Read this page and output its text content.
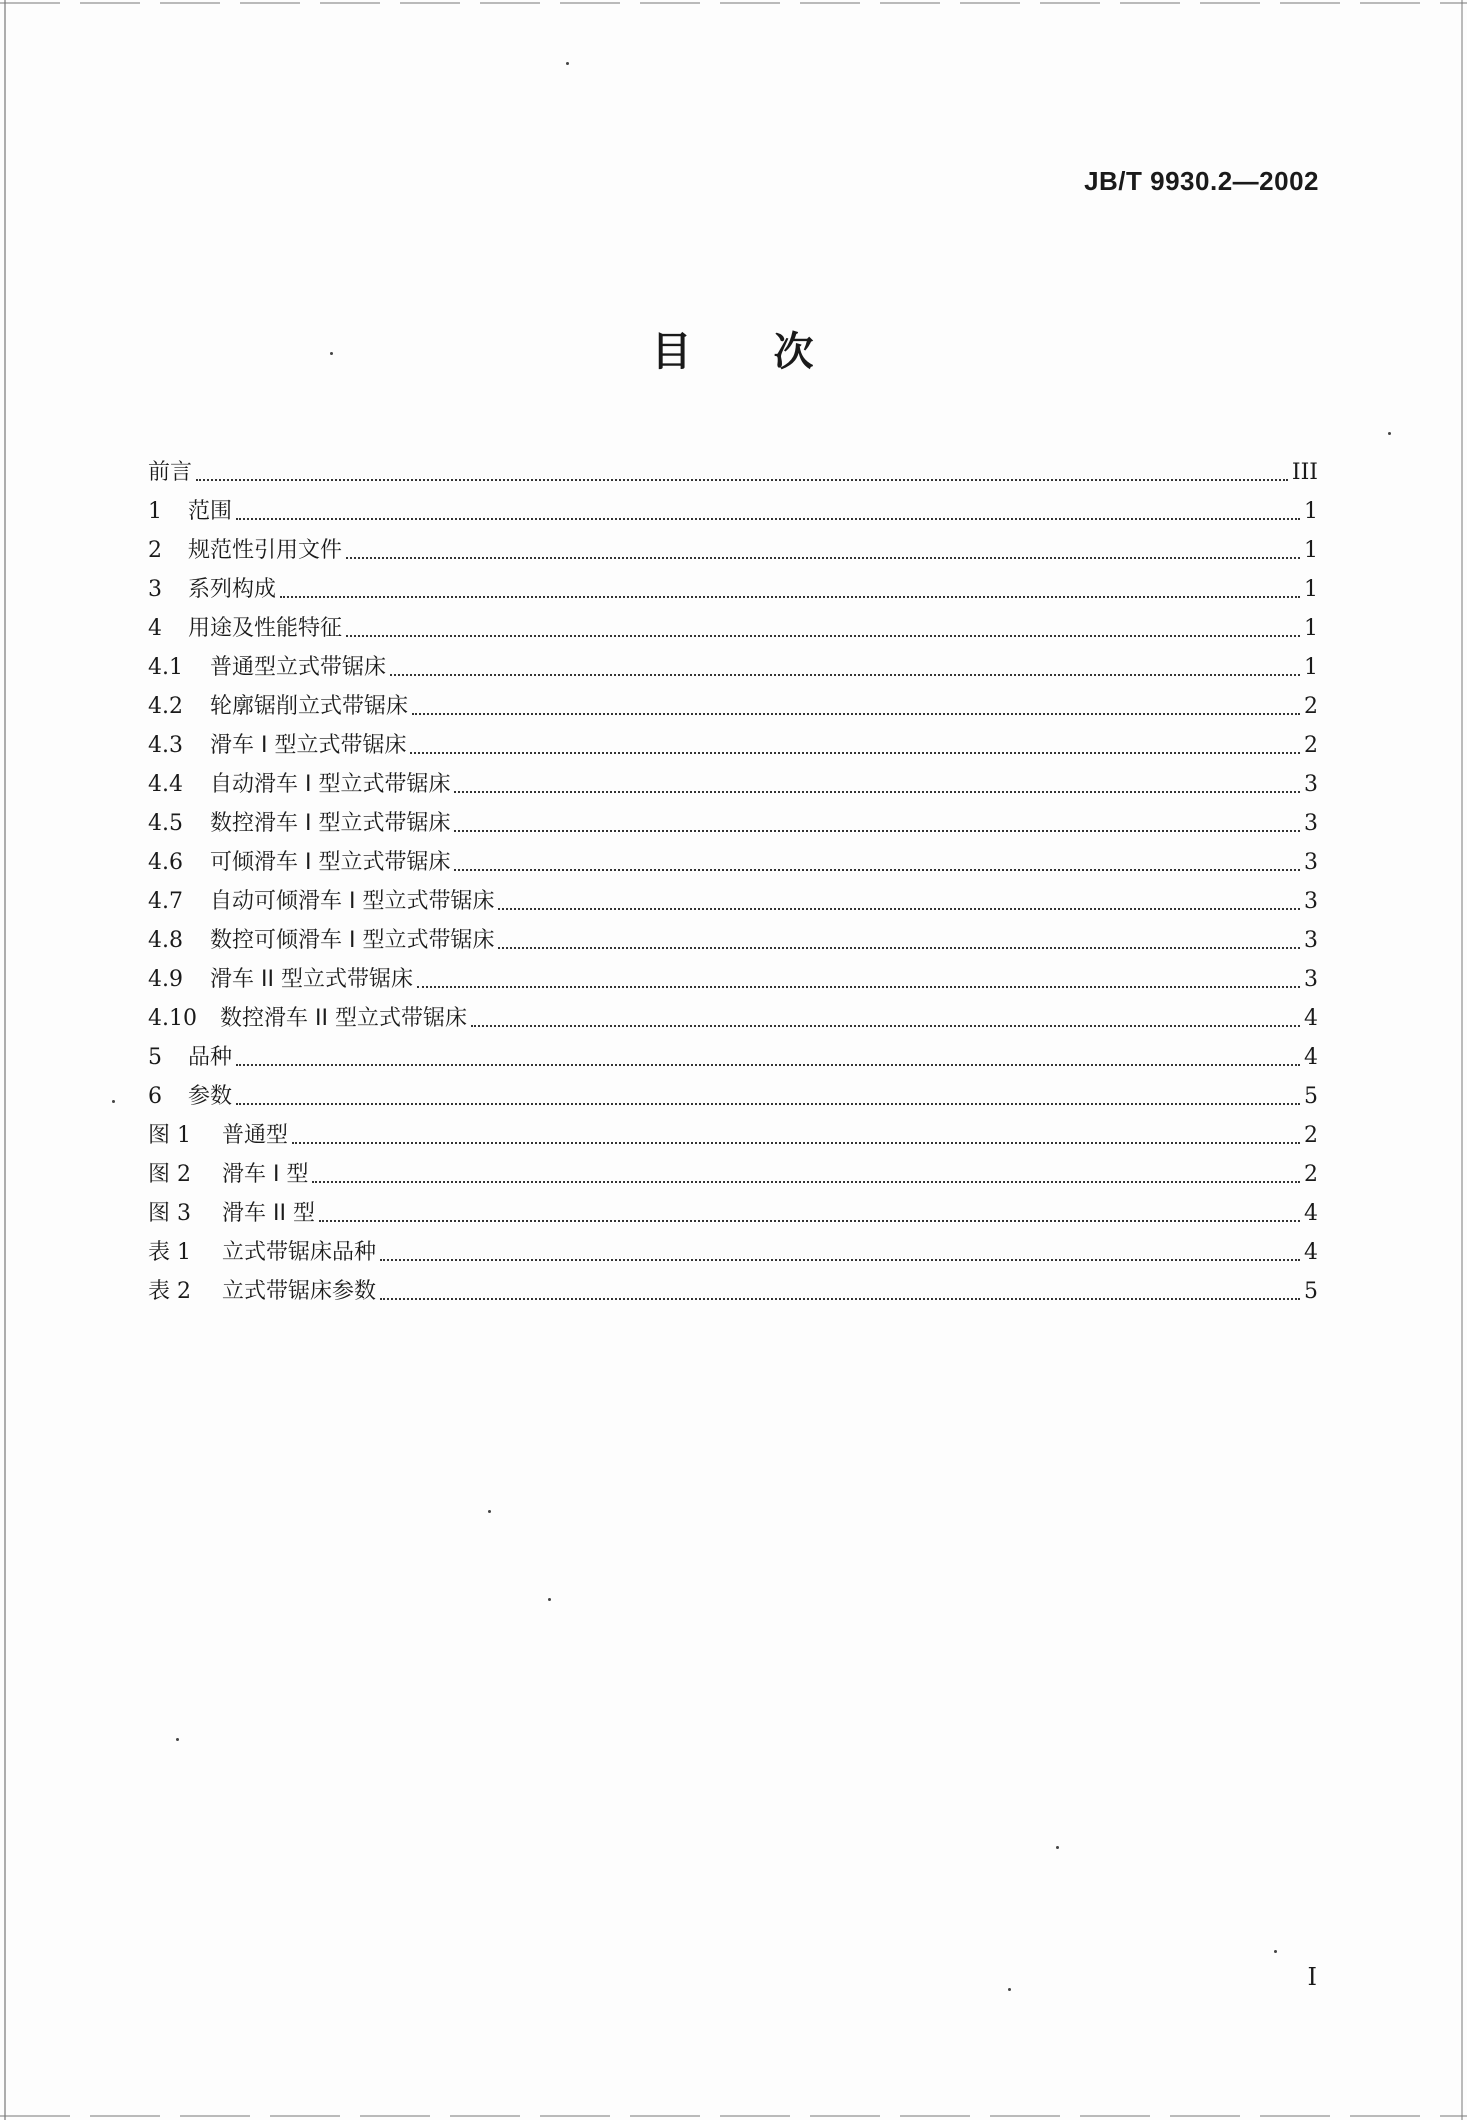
JB/T 9930.2—2002
目 次
前言	III
1	范围	1
2	规范性引用文件	1
3	系列构成	1
4	用途及性能特征	1
4.1	普通型立式带锯床	1
4.2	轮廓锯削立式带锯床	2
4.3	滑车 I 型立式带锯床	2
4.4	自动滑车 I 型立式带锯床	3
4.5	数控滑车 I 型立式带锯床	3
4.6	可倾滑车 I 型立式带锯床	3
4.7	自动可倾滑车 I 型立式带锯床	3
4.8	数控可倾滑车 I 型立式带锯床	3
4.9	滑车 II 型立式带锯床	3
4.10	数控滑车 II 型立式带锯床	4
5	品种	4
6	参数	5
图 1	普通型	2
图 2	滑车 I 型	2
图 3	滑车 II 型	4
表 1	立式带锯床品种	4
表 2	立式带锯床参数	5
I
